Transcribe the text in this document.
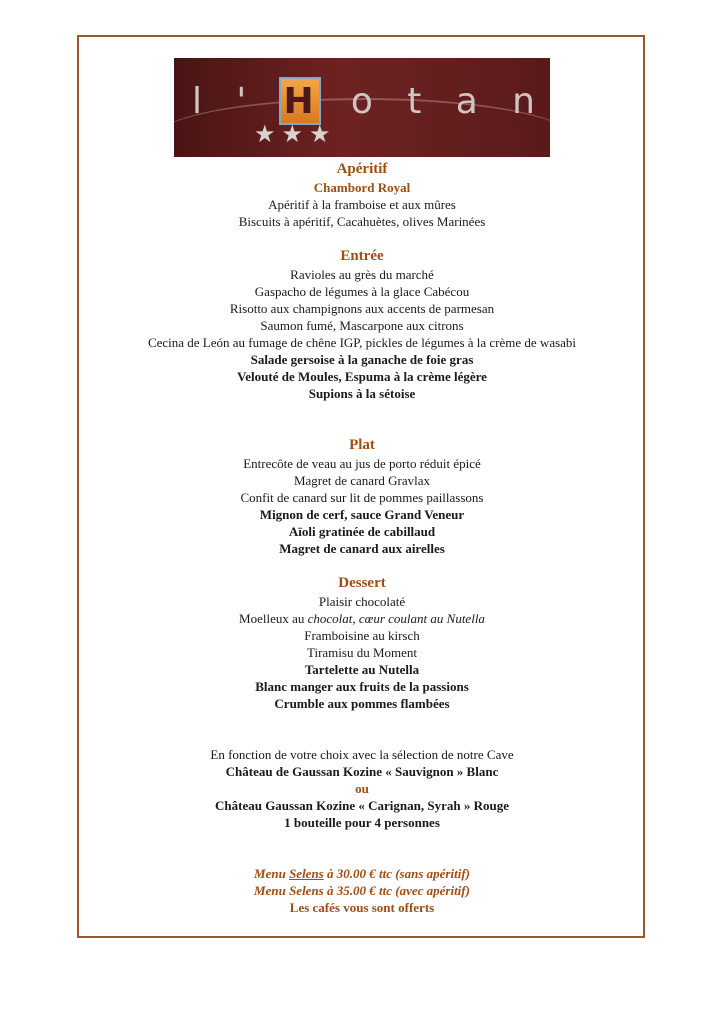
l ' H o t a n
★★★
Apéritif
Chambord Royal
Apéritif à la framboise et aux mûres
Biscuits à apéritif, Cacahuètes, olives Marinées
Entrée
Ravioles au grès du marché
Gaspacho de légumes à la glace Cabécou
Risotto aux champignons aux accents de parmesan
Saumon fumé, Mascarpone aux citrons
Cecina de León au fumage de chêne IGP, pickles de légumes à la crème de wasabi
Salade gersoise à la ganache de foie gras
Velouté de Moules, Espuma à la crème légère
Supions à la sétoise
Plat
Entrecôte de veau au jus de porto réduit épicé
Magret de canard Gravlax
Confit de canard sur lit de pommes paillassons
Mignon de cerf, sauce Grand Veneur
Aïoli gratinée de cabillaud
Magret de canard aux airelles
Dessert
Plaisir chocolaté
Moelleux au chocolat, cœur coulant au Nutella
Framboisine au kirsch
Tiramisu du Moment
Tartelette au Nutella
Blanc manger aux fruits de la passions
Crumble aux pommes flambées
En fonction de votre choix avec la sélection de notre Cave
Château de Gaussan Kozine « Sauvignon » Blanc
ou
Château Gaussan Kozine « Carignan, Syrah » Rouge
1 bouteille pour 4 personnes
Menu Selens à 30.00 € ttc (sans apéritif)
Menu Selens à 35.00 € ttc (avec apéritif)
Les cafés vous sont offerts
